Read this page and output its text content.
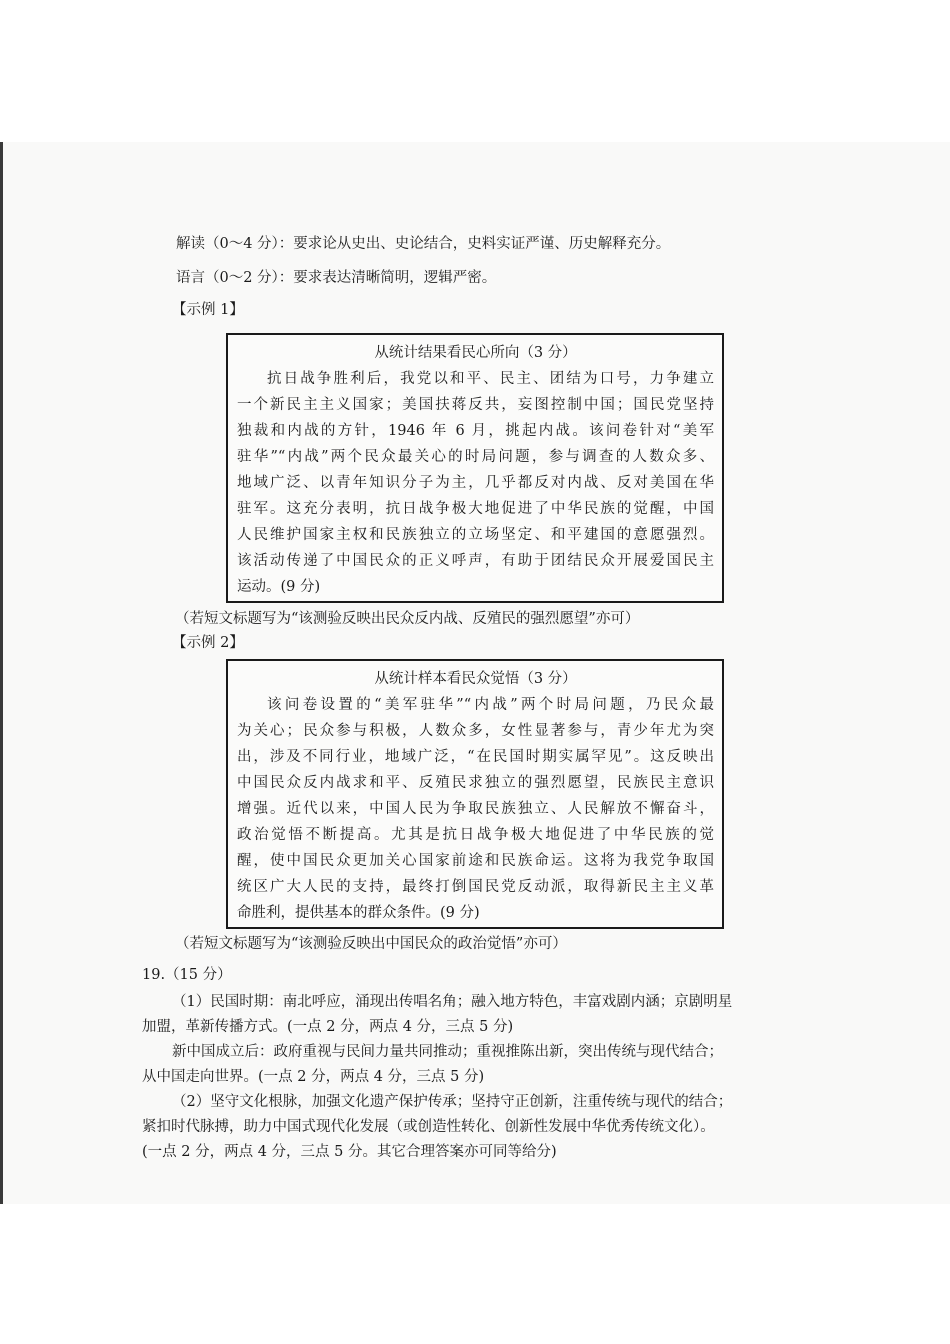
解读（0～4 分）：要求论从史出、史论结合，史料实证严谨、历史解释充分。

语言（0～2 分）：要求表达清晰简明，逻辑严密。

【示例 1】

从统计结果看民心所向（3 分）

抗日战争胜利后，我党以和平、民主、团结为口号，力争建立

一个新民主主义国家；美国扶蒋反共，妄图控制中国；国民党坚持

独裁和内战的方针，1946 年 6 月，挑起内战。该问卷针对“美军

驻华”“内战”两个民众最关心的时局问题，参与调查的人数众多、

地域广泛、以青年知识分子为主，几乎都反对内战、反对美国在华

驻军。这充分表明，抗日战争极大地促进了中华民族的觉醒，中国

人民维护国家主权和民族独立的立场坚定、和平建国的意愿强烈。

该活动传递了中国民众的正义呼声，有助于团结民众开展爱国民主

运动。(9 分)

（若短文标题写为“该测验反映出民众反内战、反殖民的强烈愿望”亦可）

【示例 2】

从统计样本看民众觉悟（3 分）

该问卷设置的“美军驻华”“内战”两个时局问题，乃民众最

为关心；民众参与积极，人数众多，女性显著参与，青少年尤为突

出，涉及不同行业，地域广泛，“在民国时期实属罕见”。这反映出

中国民众反内战求和平、反殖民求独立的强烈愿望，民族民主意识

增强。近代以来，中国人民为争取民族独立、人民解放不懈奋斗，

政治觉悟不断提高。尤其是抗日战争极大地促进了中华民族的觉

醒，使中国民众更加关心国家前途和民族命运。这将为我党争取国

统区广大人民的支持，最终打倒国民党反动派，取得新民主主义革

命胜利，提供基本的群众条件。(9 分)

（若短文标题写为“该测验反映出中国民众的政治觉悟”亦可）

19.（15 分）

（1）民国时期：南北呼应，涌现出传唱名角；融入地方特色，丰富戏剧内涵；京剧明星

加盟，革新传播方式。(一点 2 分，两点 4 分，三点 5 分)

新中国成立后：政府重视与民间力量共同推动；重视推陈出新，突出传统与现代结合；

从中国走向世界。(一点 2 分，两点 4 分，三点 5 分)

（2）坚守文化根脉，加强文化遗产保护传承；坚持守正创新，注重传统与现代的结合；

紧扣时代脉搏，助力中国式现代化发展（或创造性转化、创新性发展中华优秀传统文化）。

(一点 2 分，两点 4 分，三点 5 分。其它合理答案亦可同等给分)
